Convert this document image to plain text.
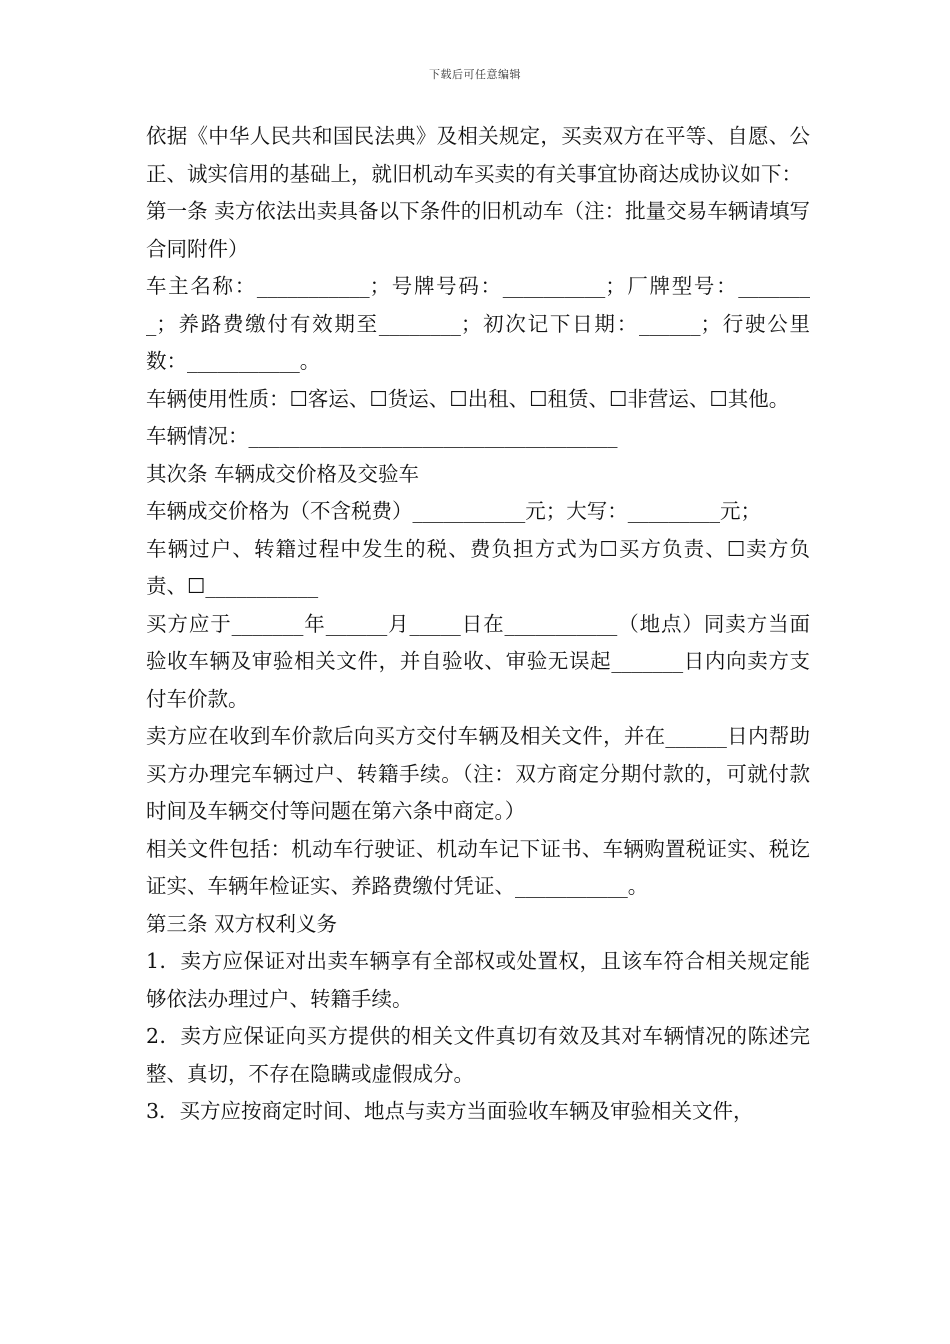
下载后可任意编辑

依据《中华人民共和国民法典》及相关规定，买卖双方在平等、自愿、公正、诚实信用的基础上，就旧机动车买卖的有关事宜协商达成协议如下：

第一条 卖方依法出卖具备以下条件的旧机动车（注：批量交易车辆请填写合同附件）

车主名称：___________；号牌号码：__________；厂牌型号：________；养路费缴付有效期至________；初次记下日期：______；行驶公里数：___________。

车辆使用性质：☐客运、☐货运、☐出租、☐租赁、☐非营运、☐其他。

车辆情况：____________________________________

其次条 车辆成交价格及交验车

车辆成交价格为（不含税费）___________元；大写：_________元；

车辆过户、转籍过程中发生的税、费负担方式为☐买方负责、☐卖方负责、☐___________

买方应于_______年______月_____日在___________（地点）同卖方当面验收车辆及审验相关文件，并自验收、审验无误起_______日内向卖方支付车价款。

卖方应在收到车价款后向买方交付车辆及相关文件，并在______日内帮助买方办理完车辆过户、转籍手续。（注：双方商定分期付款的，可就付款时间及车辆交付等问题在第六条中商定。）

相关文件包括：机动车行驶证、机动车记下证书、车辆购置税证实、税讫证实、车辆年检证实、养路费缴付凭证、___________。

第三条 双方权利义务

1．卖方应保证对出卖车辆享有全部权或处置权，且该车符合相关规定能够依法办理过户、转籍手续。

2．卖方应保证向买方提供的相关文件真切有效及其对车辆情况的陈述完整、真切，不存在隐瞒或虚假成分。

3．买方应按商定时间、地点与卖方当面验收车辆及审验相关文件，
